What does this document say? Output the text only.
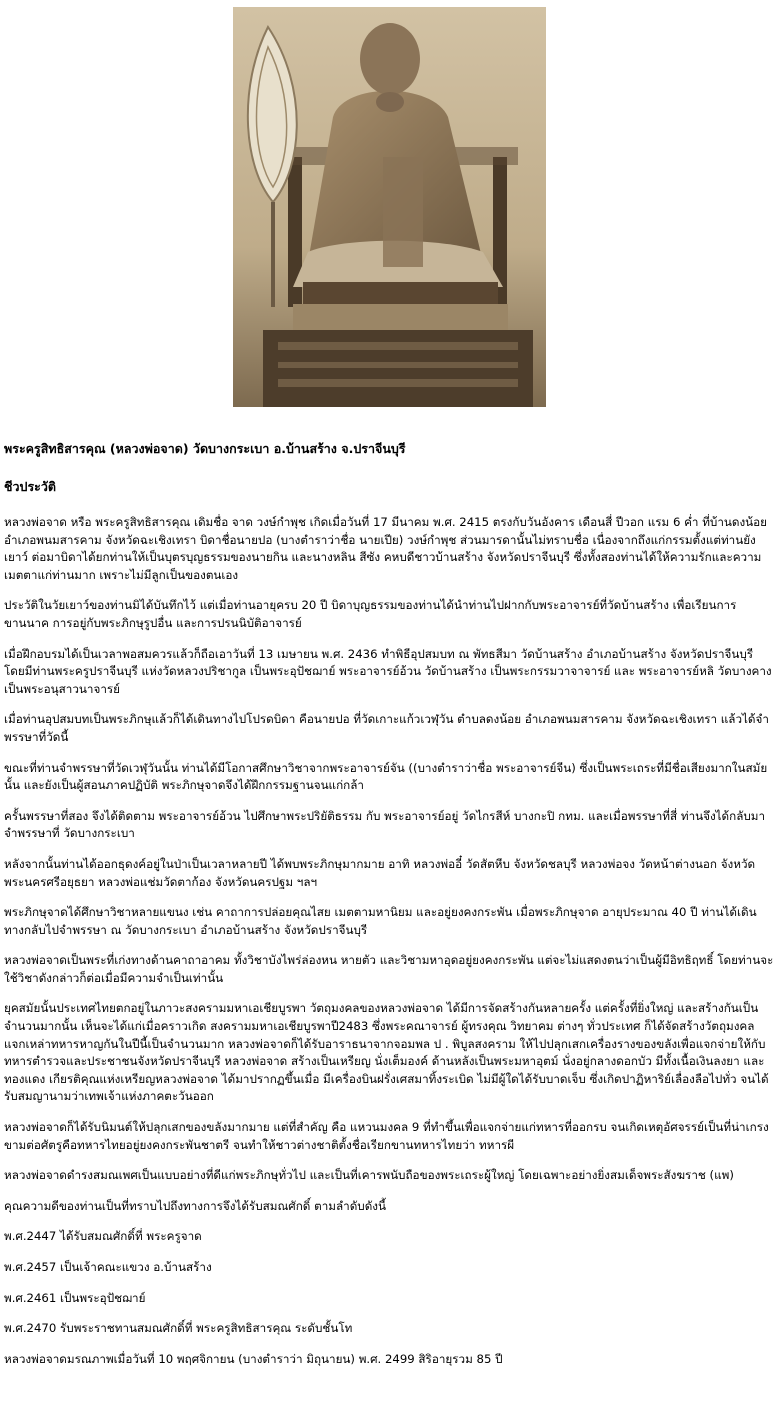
พระครูสิทธิสารคุณ (หลวงพ่อจาด) วัดบางกระเบา อ.บ้านสร้าง จ.ปราจีนบุรี
ชีวประวัติ

หลวงพ่อจาด หรือ พระครูสิทธิสารคุณ เดิมชื่อ จาด วงษ์กำพุช เกิดเมื่อวันที่ 17 มีนาคม พ.ศ. 2415 ตรงกับวันอังคาร เดือนสี่ ปีวอก แรม 6 ค่ำ ที่บ้านดงน้อย อำเภอพนมสารคาม จังหวัดฉะเชิงเทรา บิดาชื่อนายปอ (บางตำราว่าชื่อ นายเปีย) วงษ์กำพุช ส่วนมารดานั้นไม่ทราบชื่อ เนื่องจากถึงแก่กรรมตั้งแต่ท่านยังเยาว์ ต่อมาบิดาได้ยกท่านให้เป็นบุตรบุญธรรมของนายกิน และนางหลิน สีซัง คหบดีชาวบ้านสร้าง จังหวัดปราจีนบุรี ซึ่งทั้งสองท่านได้ให้ความรักและความเมตตาแก่ท่านมาก เพราะไม่มีลูกเป็นของตนเอง

ประวัติในวัยเยาว์ของท่านมิได้บันทึกไว้ แต่เมื่อท่านอายุครบ 20 ปี บิดาบุญธรรมของท่านได้นำท่านไปฝากกับพระอาจารย์ที่วัดบ้านสร้าง เพื่อเรียนการขานนาค การอยู่กับพระภิกษุรูปอื่น และการปรนนิบัติอาจารย์

เมื่อฝึกอบรมได้เป็นเวลาพอสมควรแล้วก็ถือเอาวันที่ 13 เมษายน พ.ศ. 2436 ทำพิธีอุปสมบท ณ พัทธสีมา วัดบ้านสร้าง อำเภอบ้านสร้าง จังหวัดปราจีนบุรี โดยมีท่านพระครูปราจีนบุรี แห่งวัดหลวงปริชากูล เป็นพระอุปัชฌาย์ พระอาจารย์อ้วน วัดบ้านสร้าง เป็นพระกรรมวาจาจารย์ และ พระอาจารย์หลิ วัดบางคาง เป็นพระอนุสาวนาจารย์

เมื่อท่านอุปสมบทเป็นพระภิกษุแล้วก็ได้เดินทางไปโปรดบิดา คือนายปอ ที่วัดเกาะแก้วเวฬุวัน ตำบลดงน้อย อำเภอพนมสารคาม จังหวัดฉะเชิงเทรา แล้วได้จำพรรษาที่วัดนี้

ขณะที่ท่านจำพรรษาที่วัดเวฬุวันนั้น ท่านได้มีโอกาสศึกษาวิชาจากพระอาจารย์จัน ((บางตำราว่าชื่อ พระอาจารย์จีน) ซึ่งเป็นพระเถระที่มีชื่อเสียงมากในสมัยนั้น และยังเป็นผู้สอนภาคปฏิบัติ พระภิกษุจาดจึงได้ฝึกกรรมฐานจนแก่กล้า

ครั้นพรรษาที่สอง จึงได้ติดตาม พระอาจารย์อ้วน ไปศึกษาพระปริยัติธรรม กับ พระอาจารย์อยู่ วัดไกรสีห์ บางกะปิ กทม. และเมื่อพรรษาที่สี่ ท่านจึงได้กลับมาจำพรรษาที่ วัดบางกระเบา

หลังจากนั้นท่านได้ออกธุดงค์อยู่ในป่าเป็นเวลาหลายปี ได้พบพระภิกษุมากมาย อาทิ หลวงพ่ออี๋ วัดสัตหีบ จังหวัดชลบุรี หลวงพ่อจง วัดหน้าต่างนอก จังหวัดพระนครศรีอยุธยา หลวงพ่อแช่มวัดตาก้อง จังหวัดนครปฐม ฯลฯ

พระภิกษุจาดได้ศึกษาวิชาหลายแขนง เช่น คาถาการปล่อยคุณไสย เมตตามหานิยม และอยู่ยงคงกระพัน เมื่อพระภิกษุจาด อายุประมาณ 40 ปี ท่านได้เดินทางกลับไปจำพรรษา ณ วัดบางกระเบา อำเภอบ้านสร้าง จังหวัดปราจีนบุรี

หลวงพ่อจาดเป็นพระที่เก่งทางด้านคาถาอาคม ทั้งวิชาบังไพร่ล่องหน หายตัว และวิชามหาอุดอยู่ยงคงกระพัน แต่จะไม่แสดงตนว่าเป็นผู้มีอิทธิฤทธิ์ โดยท่านจะใช้วิชาดังกล่าวก็ต่อเมื่อมีความจำเป็นเท่านั้น

ยุคสมัยนั้นประเทศไทยตกอยู่ในภาวะสงครามมหาเอเชียบูรพา วัตถุมงคลของหลวงพ่อจาด ได้มีการจัดสร้างกันหลายครั้ง แต่ครั้งที่ยิ่งใหญ่ และสร้างกันเป็นจำนวนมากนั้น เห็นจะได้แก่เมื่อคราวเกิด สงครามมหาเอเชียบูรพาปี2483 ซึ่งพระคณาจารย์ ผู้ทรงคุณ วิทยาคม ต่างๆ ทั่วประเทศ ก็ได้จัดสร้างวัตถุมงคลแจกเหล่าทหารหาญกันในปีนี้เป็นจำนวนมาก หลวงพ่อจาดก็ได้รับอาราธนาจากจอมพล ป . พิบูลสงคราม ให้ไปปลุกเสกเครื่องรางของขลังเพื่อแจกจ่ายให้กับทหารตำรวจและประชาชนจังหวัดปราจีนบุรี หลวงพ่อจาด สร้างเป็นเหรียญ นั่งเต็มองค์ ด้านหลังเป็นพระมหาอุตม์ นั่งอยู่กลางดอกบัว มีทั้งเนื้อเงินลงยา และ ทองแดง เกียรติคุณแห่งเหรียญหลวงพ่อจาด ได้มาปรากฏขึ้นเมื่อ มีเครื่องบินฝรั่งเศสมาทิ้งระเบิด ไม่มีผู้ใดได้รับบาดเจ็บ ซึ่งเกิดปาฏิหาริย์เลื่องลือไปทั่ว จนได้รับสมญานามว่าเทพเจ้าแห่งภาคตะวันออก

หลวงพ่อจาดก็ได้รับนิมนต์ให้ปลุกเสกของขลังมากมาย แต่ที่สำคัญ คือ แหวนมงคล 9 ที่ทำขึ้นเพื่อแจกจ่ายแก่ทหารที่ออกรบ จนเกิดเหตุอัศจรรย์เป็นที่น่าเกรงขามต่อศัตรูคือทหารไทยอยู่ยงคงกระพันชาตรี จนทำให้ชาวต่างชาติตั้งชื่อเรียกขานทหารไทยว่า ทหารผี

หลวงพ่อจาดดำรงสมณเพศเป็นแบบอย่างที่ดีแก่พระภิกษุทั่วไป และเป็นที่เคารพนับถือของพระเถระผู้ใหญ่ โดยเฉพาะอย่างยิ่งสมเด็จพระสังฆราช (แพ)

คุณความดีของท่านเป็นที่ทราบไปถึงทางการจึงได้รับสมณศักดิ์ ตามลำดับดังนี้

พ.ศ.2447 ได้รับสมณศักดิ์ที่ พระครูจาด

พ.ศ.2457 เป็นเจ้าคณะแขวง อ.บ้านสร้าง

พ.ศ.2461 เป็นพระอุปัชฌาย์

พ.ศ.2470 รับพระราชทานสมณศักดิ์ที่ พระครูสิทธิสารคุณ ระดับชั้นโท

หลวงพ่อจาดมรณภาพเมื่อวันที่ 10 พฤศจิกายน (บางตำราว่า มิถุนายน) พ.ศ. 2499 สิริอายุรวม 85 ปี
